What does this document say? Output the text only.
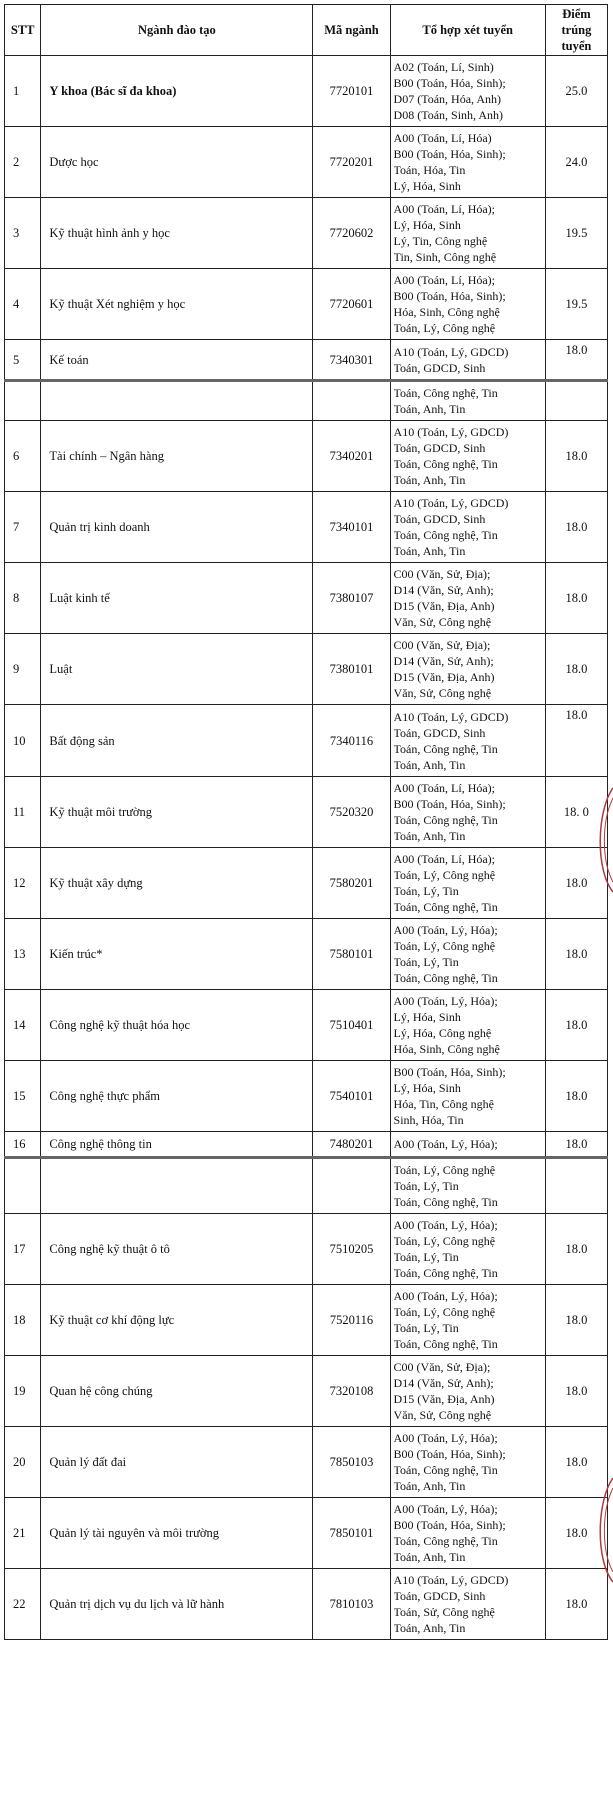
STT	Ngành đào tạo	Mã ngành	Tổ hợp xét tuyển	Điểm trúng tuyển
1	Y khoa (Bác sĩ đa khoa)	7720101	A02 (Toán, Lí, Sinh)
B00 (Toán, Hóa, Sinh);
D07 (Toán, Hóa, Anh)
D08 (Toán, Sinh, Anh)	25.0
2	Dược học	7720201	A00 (Toán, Lí, Hóa)
B00 (Toán, Hóa, Sinh);
Toán, Hóa, Tin
Lý, Hóa, Sinh	24.0
3	Kỹ thuật hình ảnh y học	7720602	A00 (Toán, Lí, Hóa);
Lý, Hóa, Sinh
Lý, Tin, Công nghệ
Tin, Sinh, Công nghệ	19.5
4	Kỹ thuật Xét nghiệm y học	7720601	A00 (Toán, Lí, Hóa);
B00 (Toán, Hóa, Sinh);
Hóa, Sinh, Công nghệ
Toán, Lý, Công nghệ	19.5
5	Kế toán	7340301	A10 (Toán, Lý, GDCD)
Toán, GDCD, Sinh	18.0

			Toán, Công nghệ, Tin
Toán, Anh, Tin	

6	Tài chính – Ngân hàng	7340201	A10 (Toán, Lý, GDCD)
Toán, GDCD, Sinh
Toán, Công nghệ, Tin
Toán, Anh, Tin	18.0
7	Quản trị kinh doanh	7340101	A10 (Toán, Lý, GDCD)
Toán, GDCD, Sinh
Toán, Công nghệ, Tin
Toán, Anh, Tin	18.0
8	Luật kinh tế	7380107	C00 (Văn, Sử, Địa);
D14 (Văn, Sử, Anh);
D15 (Văn, Địa, Anh)
Văn, Sử, Công nghệ	18.0
9	Luật	7380101	C00 (Văn, Sử, Địa);
D14 (Văn, Sử, Anh);
D15 (Văn, Địa, Anh)
Văn, Sử, Công nghệ	18.0
10	Bất động sản	7340116	A10 (Toán, Lý, GDCD)
Toán, GDCD, Sinh
Toán, Công nghệ, Tin
Toán, Anh, Tin	18.0
11	Kỹ thuật môi trường	7520320	A00 (Toán, Lí, Hóa);
B00 (Toán, Hóa, Sinh);
Toán, Công nghệ, Tin
Toán, Anh, Tin	18. 0
12	Kỹ thuật xây dựng	7580201	A00 (Toán, Lí, Hóa);
Toán, Lý, Công nghệ
Toán, Lý, Tin
Toán, Công nghệ, Tin	18.0
13	Kiến trúc*	7580101	A00 (Toán, Lý, Hóa);
Toán, Lý, Công nghệ
Toán, Lý, Tin
Toán, Công nghệ, Tin	18.0
14	Công nghệ kỹ thuật hóa học	7510401	A00 (Toán, Lý, Hóa);
Lý, Hóa, Sinh
Lý, Hóa, Công nghệ
Hóa, Sinh, Công nghệ	18.0
15	Công nghệ thực phẩm	7540101	B00 (Toán, Hóa, Sinh);
Lý, Hóa, Sinh
Hóa, Tin, Công nghệ
Sinh, Hóa, Tin	18.0
16	Công nghệ thông tin	7480201	A00 (Toán, Lý, Hóa);	18.0

			Toán, Lý, Công nghệ
Toán, Lý, Tin
Toán, Công nghệ, Tin	

17	Công nghệ kỹ thuật ô tô	7510205	A00 (Toán, Lý, Hóa);
Toán, Lý, Công nghệ
Toán, Lý, Tin
Toán, Công nghệ, Tin	18.0
18	Kỹ thuật cơ khí động lực	7520116	A00 (Toán, Lý, Hóa);
Toán, Lý, Công nghệ
Toán, Lý, Tin
Toán, Công nghệ, Tin	18.0
19	Quan hệ công chúng	7320108	C00 (Văn, Sử, Địa);
D14 (Văn, Sử, Anh);
D15 (Văn, Địa, Anh)
Văn, Sử, Công nghệ	18.0
20	Quản lý đất đai	7850103	A00 (Toán, Lý, Hóa);
B00 (Toán, Hóa, Sinh);
Toán, Công nghệ, Tin
Toán, Anh, Tin	18.0
21	Quản lý tài nguyên và môi trường	7850101	A00 (Toán, Lý, Hóa);
B00 (Toán, Hóa, Sinh);
Toán, Công nghệ, Tin
Toán, Anh, Tin	18.0
22	Quản trị dịch vụ du lịch và lữ hành	7810103	A10 (Toán, Lý, GDCD)
Toán, GDCD, Sinh
Toán, Sử, Công nghệ
Toán, Anh, Tin	18.0
